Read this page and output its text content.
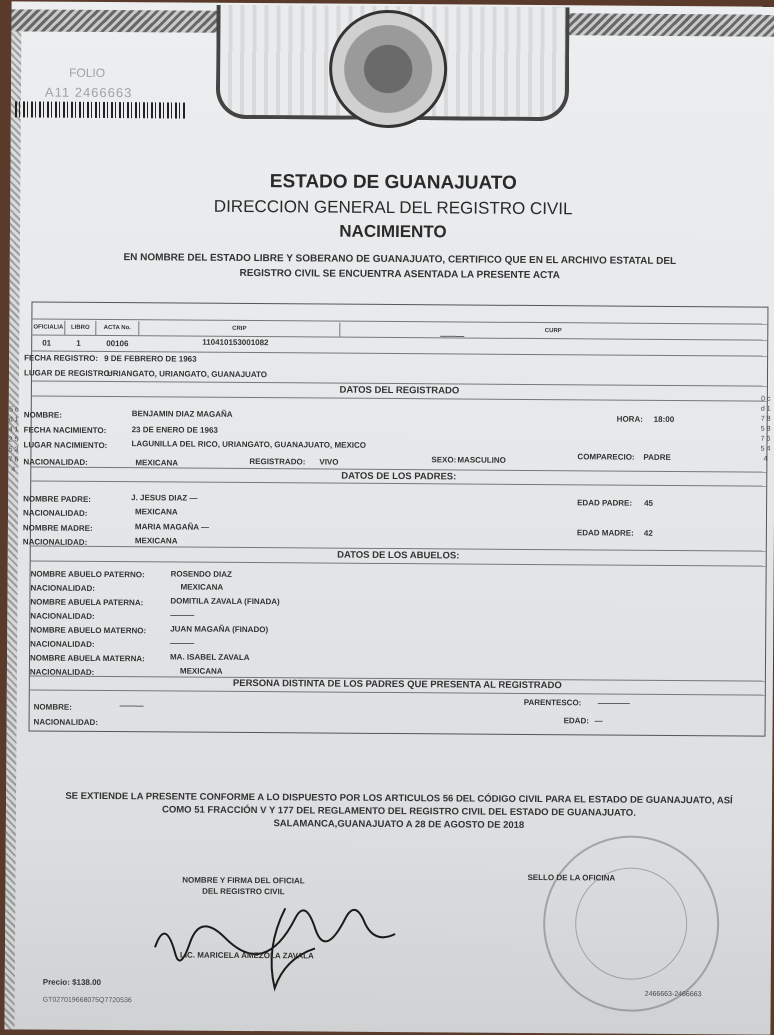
FOLIO
A11 2466663
ESTADO DE GUANAJUATO
DIRECCION GENERAL DEL REGISTRO CIVIL
NACIMIENTO
EN NOMBRE DEL ESTADO LIBRE Y SOBERANO DE GUANAJUATO, CERTIFICO QUE EN EL ARCHIVO ESTATAL DEL REGISTRO CIVIL SE ENCUENTRA ASENTADA LA PRESENTE ACTA
5 c d 1 4 1 2 5 5 3 7 6 4
0 c d 1 7 8 5 8 7 6 5 4 4
OFICIALIA	LIBRO	ACTA No.	CRIP	CURP
01	1	00106	110410153001082
———
FECHA REGISTRO: 9 DE FEBRERO DE 1963
LUGAR DE REGISTRO:
URIANGATO, URIANGATO, GUANAJUATO
DATOS DEL REGISTRADO
NOMBRE:	BENJAMIN DIAZ MAGAÑA
HORA: 18:00
FECHA NACIMIENTO:	23 DE ENERO DE 1963
LUGAR NACIMIENTO:	LAGUNILLA DEL RICO, URIANGATO, GUANAJUATO, MEXICO
NACIONALIDAD:	MEXICANA	REGISTRADO: VIVO	SEXO: MASCULINO	COMPARECIO: PADRE
DATOS DE LOS PADRES:
NOMBRE PADRE:	J. JESUS DIAZ —
EDAD PADRE: 45
NACIONALIDAD:	MEXICANA
NOMBRE MADRE:	MARIA MAGAÑA —
EDAD MADRE: 42
NACIONALIDAD:	MEXICANA
DATOS DE LOS ABUELOS:
NOMBRE ABUELO PATERNO:	ROSENDO DIAZ
NACIONALIDAD:	MEXICANA
NOMBRE ABUELA PATERNA:	DOMITILA ZAVALA (FINADA)
NACIONALIDAD:	———
NOMBRE ABUELO MATERNO:	JUAN MAGAÑA (FINADO)
NACIONALIDAD:	———
NOMBRE ABUELA MATERNA:	MA. ISABEL ZAVALA
NACIONALIDAD:	MEXICANA
PERSONA DISTINTA DE LOS PADRES QUE PRESENTA AL REGISTRADO
NOMBRE:	———	PARENTESCO: ————
NACIONALIDAD:	EDAD: —
SE EXTIENDE LA PRESENTE CONFORME A LO DISPUESTO POR LOS ARTICULOS 56 DEL CÓDIGO CIVIL PARA EL ESTADO DE GUANAJUATO, ASÍ COMO 51 FRACCIÓN V Y 177 DEL REGLAMENTO DEL REGISTRO CIVIL DEL ESTADO DE GUANAJUATO.
SALAMANCA,GUANAJUATO A 28 DE AGOSTO DE 2018
NOMBRE Y FIRMA DEL OFICIAL DEL REGISTRO CIVIL
LIC. MARICELA AMEZOLA ZAVALA
SELLO DE LA OFICINA
Precio: $138.00
GT027019668075Q7720536
2466663-2466663
